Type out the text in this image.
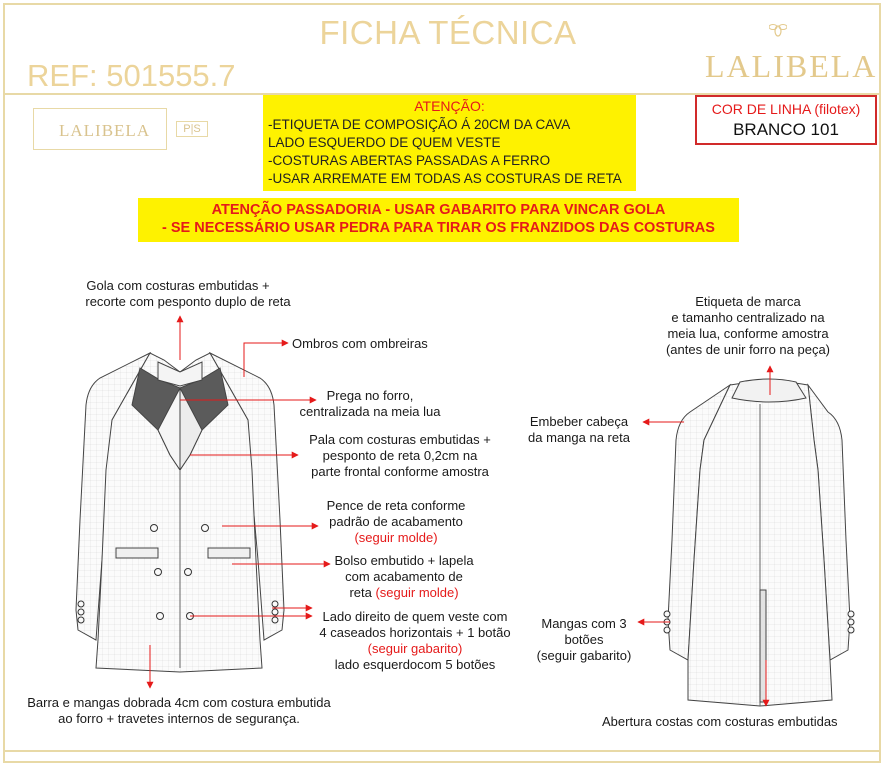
FICHA TÉCNICA
REF: 501555.7	LALIBELA
LALIBELA	P|S
ATENÇÃO:
-ETIQUETA DE COMPOSIÇÃO Á 20CM DA CAVA
LADO ESQUERDO DE QUEM VESTE
-COSTURAS ABERTAS PASSADAS A FERRO
-USAR ARREMATE EM TODAS AS COSTURAS DE RETA
COR DE LINHA (filotex)
BRANCO 101
ATENÇÃO PASSADORIA - USAR GABARITO PARA VINCAR GOLA
- SE NECESSÁRIO USAR PEDRA PARA TIRAR OS FRANZIDOS DAS COSTURAS
Gola com costuras embutidas +
recorte com pesponto duplo de reta
Ombros com ombreiras
Prega no forro,
centralizada na meia lua
Pala com costuras embutidas +
pesponto de reta 0,2cm na
parte frontal conforme amostra
Pence de reta conforme
padrão de acabamento
(seguir molde)
Bolso embutido + lapela
com acabamento de
reta (seguir molde)
Lado direito de quem veste com
4 caseados horizontais + 1 botão
(seguir gabarito)
lado esquerdocom 5 botões
Barra e mangas dobrada 4cm com costura embutida
ao forro + travetes internos de segurança.
Etiqueta de marca
e tamanho centralizado na
meia lua, conforme amostra
(antes de unir forro na peça)
Embeber cabeça
da manga na reta
Mangas com 3
botões
(seguir gabarito)
Abertura costas com costuras embutidas
